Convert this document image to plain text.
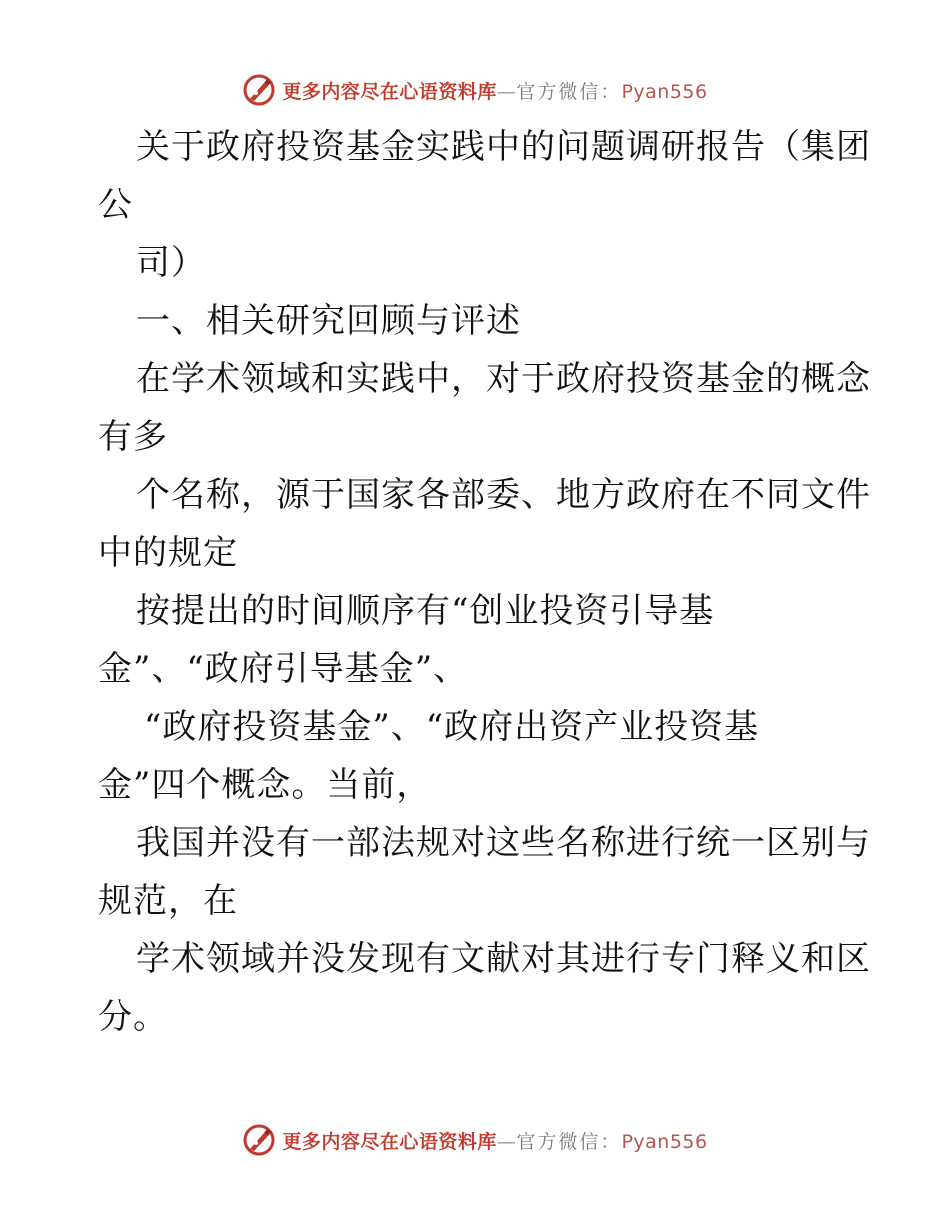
更多内容尽在心语资料库—官方微信：Pyan556
关于政府投资基金实践中的问题调研报告（集团
公
司）
一、相关研究回顾与评述
在学术领域和实践中，对于政府投资基金的概念
有多
个名称，源于国家各部委、地方政府在不同文件
中的规定
按提出的时间顺序有“创业投资引导基
金”、“政府引导基金”、
“政府投资基金”、“政府出资产业投资基
金”四个概念。当前，
我国并没有一部法规对这些名称进行统一区别与
规范，在
学术领域并没发现有文献对其进行专门释义和区
分。
更多内容尽在心语资料库—官方微信：Pyan556
